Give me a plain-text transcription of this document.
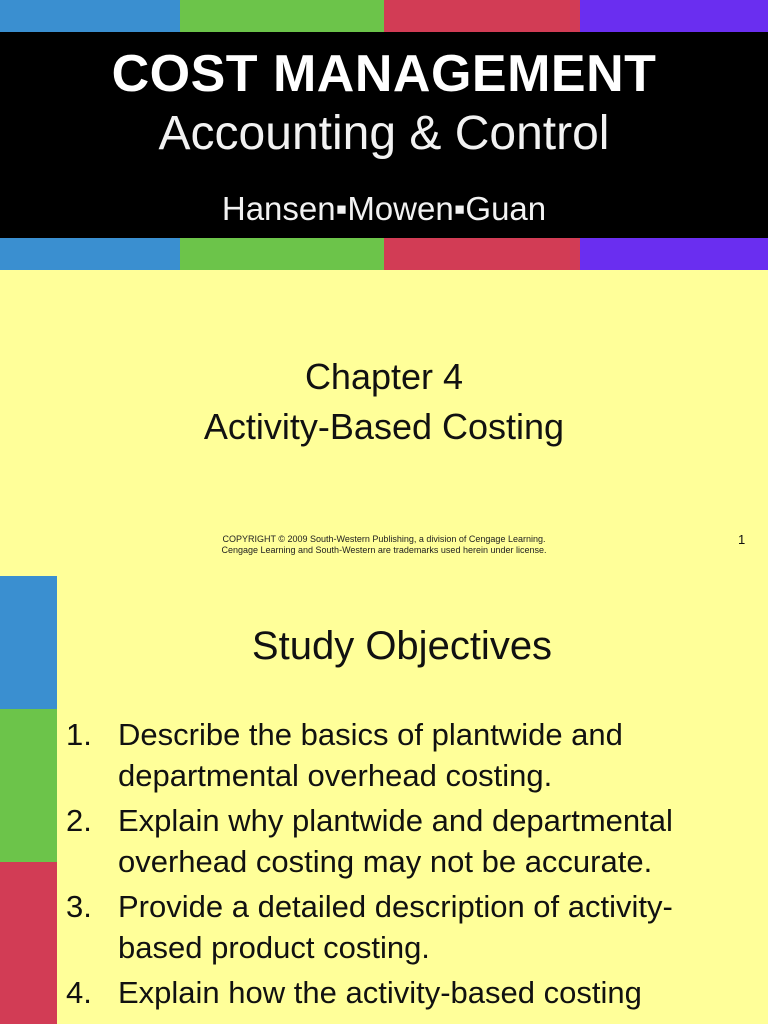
COST MANAGEMENT
Accounting & Control
Hansen▪Mowen▪Guan
Chapter 4
Activity-Based Costing
COPYRIGHT © 2009 South-Western Publishing, a division of Cengage Learning.
Cengage Learning and South-Western are trademarks used herein under license.
1
Study Objectives
1. Describe the basics of plantwide and departmental overhead costing.
2. Explain why plantwide and departmental overhead costing may not be accurate.
3. Provide a detailed description of activity-based product costing.
4. Explain how the activity-based costing
